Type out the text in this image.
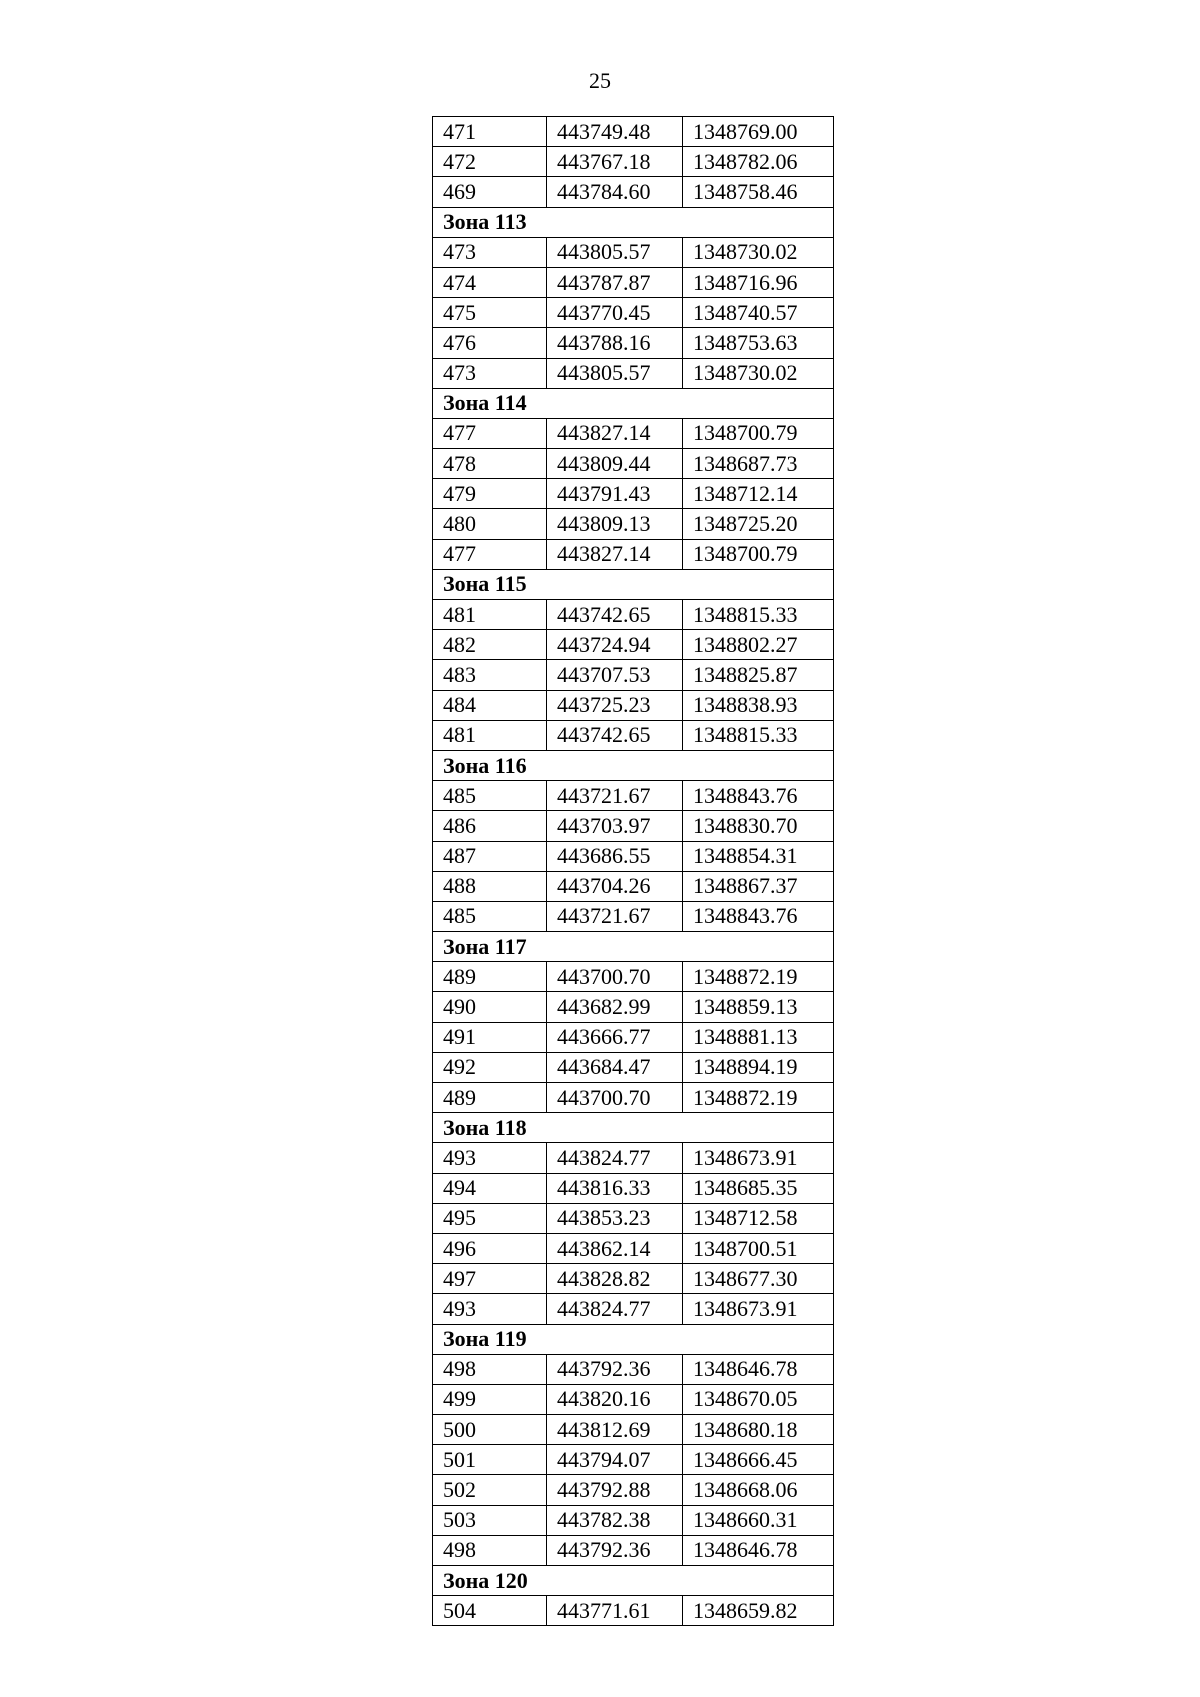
25
471	443749.48	1348769.00
472	443767.18	1348782.06
469	443784.60	1348758.46
Зона 113		
473	443805.57	1348730.02
474	443787.87	1348716.96
475	443770.45	1348740.57
476	443788.16	1348753.63
473	443805.57	1348730.02
Зона 114		
477	443827.14	1348700.79
478	443809.44	1348687.73
479	443791.43	1348712.14
480	443809.13	1348725.20
477	443827.14	1348700.79
Зона 115		
481	443742.65	1348815.33
482	443724.94	1348802.27
483	443707.53	1348825.87
484	443725.23	1348838.93
481	443742.65	1348815.33
Зона 116		
485	443721.67	1348843.76
486	443703.97	1348830.70
487	443686.55	1348854.31
488	443704.26	1348867.37
485	443721.67	1348843.76
Зона 117		
489	443700.70	1348872.19
490	443682.99	1348859.13
491	443666.77	1348881.13
492	443684.47	1348894.19
489	443700.70	1348872.19
Зона 118		
493	443824.77	1348673.91
494	443816.33	1348685.35
495	443853.23	1348712.58
496	443862.14	1348700.51
497	443828.82	1348677.30
493	443824.77	1348673.91
Зона 119		
498	443792.36	1348646.78
499	443820.16	1348670.05
500	443812.69	1348680.18
501	443794.07	1348666.45
502	443792.88	1348668.06
503	443782.38	1348660.31
498	443792.36	1348646.78
Зона 120		
504	443771.61	1348659.82
